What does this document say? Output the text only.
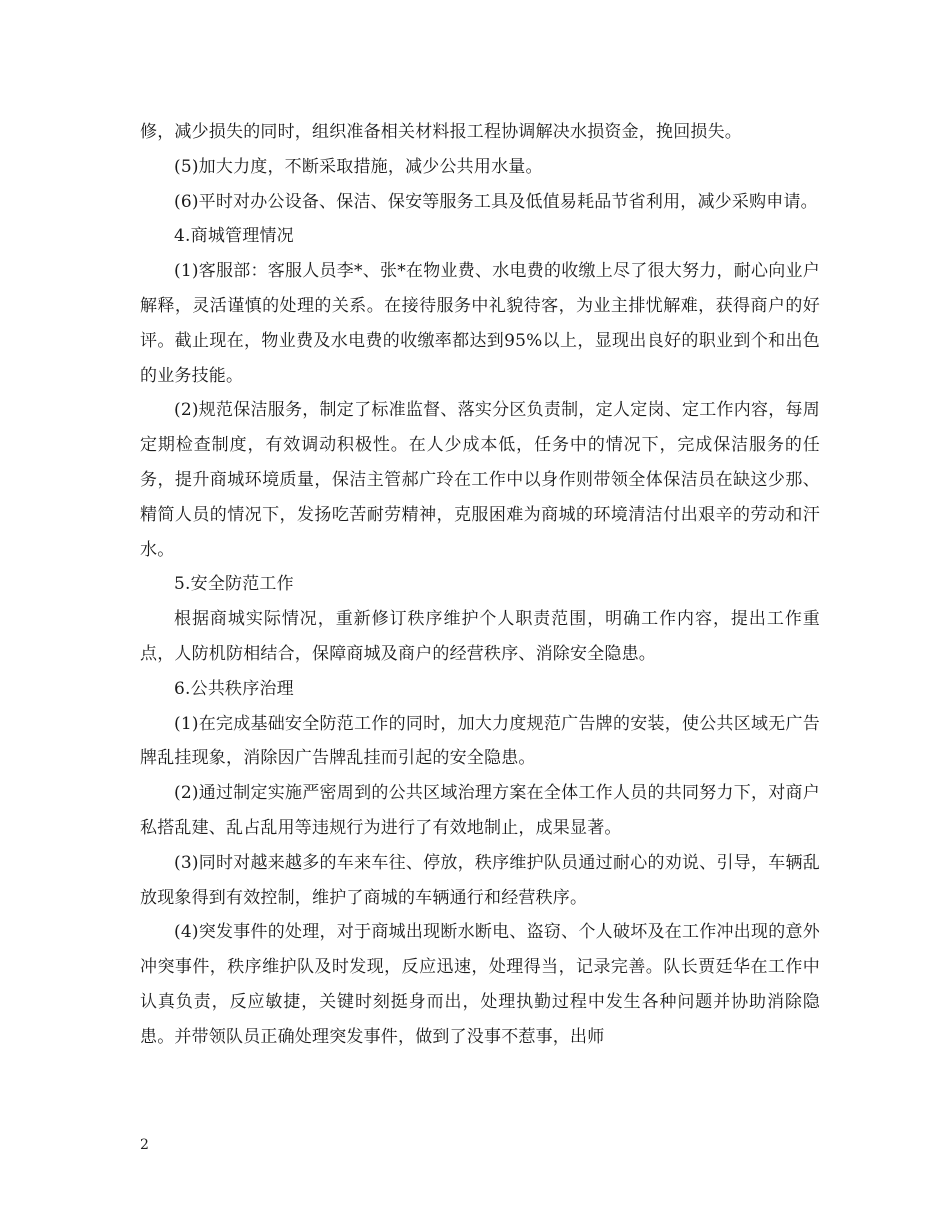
修，减少损失的同时，组织准备相关材料报工程协调解决水损资金，挽回损失。

(5)加大力度，不断采取措施，减少公共用水量。

(6)平时对办公设备、保洁、保安等服务工具及低值易耗品节省利用，减少采购申请。

4.商城管理情况

(1)客服部：客服人员李*、张*在物业费、水电费的收缴上尽了很大努力，耐心向业户解释，灵活谨慎的处理的关系。在接待服务中礼貌待客，为业主排忧解难，获得商户的好评。截止现在，物业费及水电费的收缴率都达到95%以上，显现出良好的职业到个和出色的业务技能。

(2)规范保洁服务，制定了标准监督、落实分区负责制，定人定岗、定工作内容，每周定期检查制度，有效调动积极性。在人少成本低，任务中的情况下，完成保洁服务的任务，提升商城环境质量，保洁主管郝广玲在工作中以身作则带领全体保洁员在缺这少那、精简人员的情况下，发扬吃苦耐劳精神，克服困难为商城的环境清洁付出艰辛的劳动和汗水。

5.安全防范工作

根据商城实际情况，重新修订秩序维护个人职责范围，明确工作内容，提出工作重点，人防机防相结合，保障商城及商户的经营秩序、消除安全隐患。

6.公共秩序治理

(1)在完成基础安全防范工作的同时，加大力度规范广告牌的安装，使公共区域无广告牌乱挂现象，消除因广告牌乱挂而引起的安全隐患。

(2)通过制定实施严密周到的公共区域治理方案在全体工作人员的共同努力下，对商户私搭乱建、乱占乱用等违规行为进行了有效地制止，成果显著。

(3)同时对越来越多的车来车往、停放，秩序维护队员通过耐心的劝说、引导，车辆乱放现象得到有效控制，维护了商城的车辆通行和经营秩序。

(4)突发事件的处理，对于商城出现断水断电、盗窃、个人破坏及在工作冲出现的意外冲突事件，秩序维护队及时发现，反应迅速，处理得当，记录完善。队长贾廷华在工作中认真负责，反应敏捷，关键时刻挺身而出，处理执勤过程中发生各种问题并协助消除隐患。并带领队员正确处理突发事件，做到了没事不惹事，出师

2
